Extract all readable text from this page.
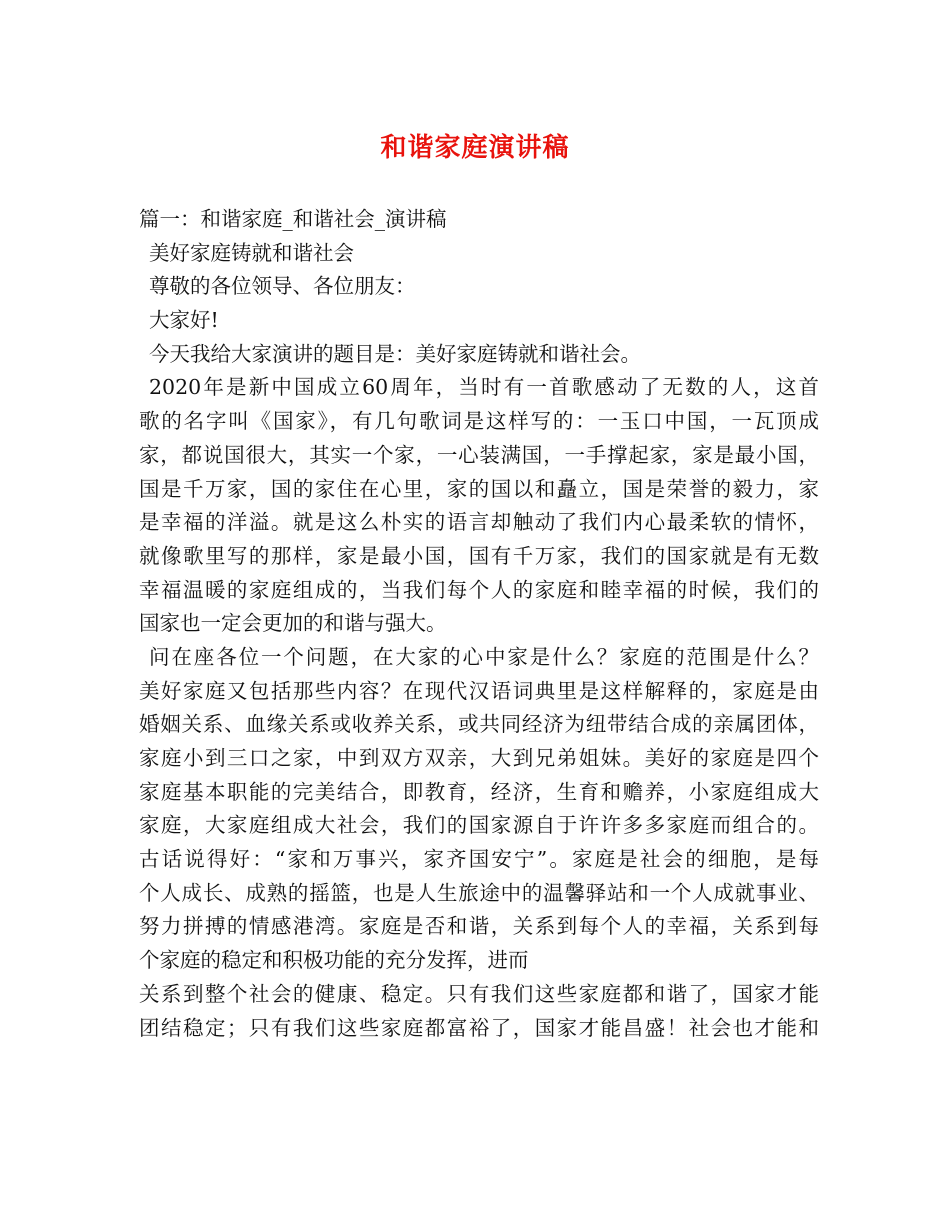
和谐家庭演讲稿
篇一：和谐家庭_和谐社会_演讲稿
美好家庭铸就和谐社会
尊敬的各位领导、各位朋友：
大家好!
今天我给大家演讲的题目是：美好家庭铸就和谐社会。
2020年是新中国成立60周年，当时有一首歌感动了无数的人，这首
歌的名字叫《国家》，有几句歌词是这样写的：一玉口中国，一瓦顶成
家，都说国很大，其实一个家，一心装满国，一手撑起家，家是最小国，
国是千万家，国的家住在心里，家的国以和矗立，国是荣誉的毅力，家
是幸福的洋溢。就是这么朴实的语言却触动了我们内心最柔软的情怀，
就像歌里写的那样，家是最小国，国有千万家，我们的国家就是有无数
幸福温暖的家庭组成的，当我们每个人的家庭和睦幸福的时候，我们的
国家也一定会更加的和谐与强大。
问在座各位一个问题，在大家的心中家是什么？家庭的范围是什么？
美好家庭又包括那些内容？在现代汉语词典里是这样解释的，家庭是由
婚姻关系、血缘关系或收养关系，或共同经济为纽带结合成的亲属团体，
家庭小到三口之家，中到双方双亲，大到兄弟姐妹。美好的家庭是四个
家庭基本职能的完美结合，即教育，经济，生育和赡养，小家庭组成大
家庭，大家庭组成大社会，我们的国家源自于许许多多家庭而组合的。
古话说得好：“家和万事兴，家齐国安宁”。家庭是社会的细胞，是每
个人成长、成熟的摇篮，也是人生旅途中的温馨驿站和一个人成就事业、
努力拼搏的情感港湾。家庭是否和谐，关系到每个人的幸福，关系到每
个家庭的稳定和积极功能的充分发挥，进而
关系到整个社会的健康、稳定。只有我们这些家庭都和谐了，国家才能
团结稳定；只有我们这些家庭都富裕了，国家才能昌盛！社会也才能和
